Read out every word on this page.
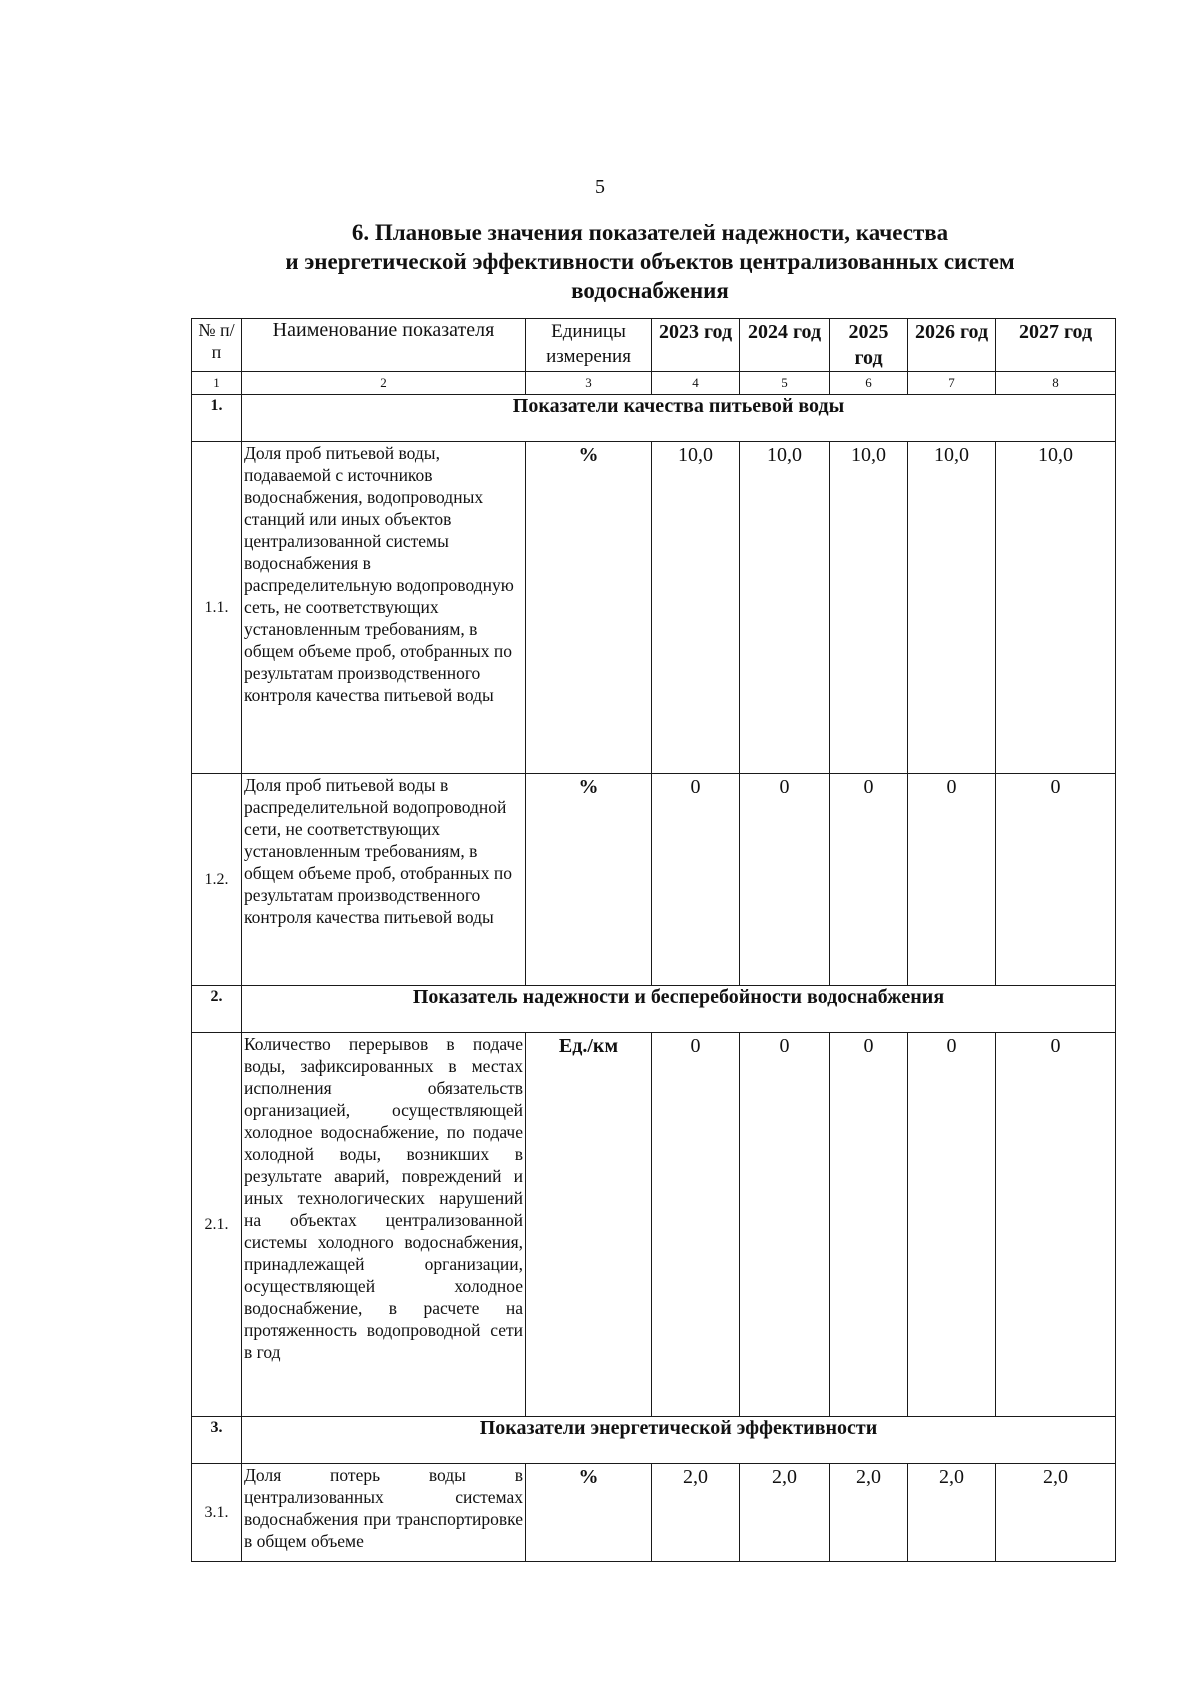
5
6. Плановые значения показателей надежности, качества
и энергетической эффективности объектов централизованных систем
водоснабжения
№ п/п	Наименование показателя	Единицы измерения	2023 год	2024 год	2025 год	2026 год	2027 год
1	2	3	4	5	6	7	8
1.	Показатели качества питьевой воды						
1.1.	Доля проб питьевой воды, подаваемой с источников водоснабжения, водопроводных станций или иных объектов централизованной системы водоснабжения в распределительную водопроводную сеть, не соответствующих установленным требованиям, в общем объеме проб, отобранных по результатам производственного контроля качества питьевой воды	%	10,0	10,0	10,0	10,0	10,0
1.2.	Доля проб питьевой воды в распределительной водопроводной сети, не соответствующих установленным требованиям, в общем объеме проб, отобранных по результатам производственного контроля качества питьевой воды	%	0	0	0	0	0
2.	Показатель надежности и бесперебойности водоснабжения						
2.1.	Количество перерывов в подаче воды, зафиксированных в местах исполнения обязательств организацией, осуществляющей холодное водоснабжение, по подаче холодной воды, возникших в результате аварий, повреждений и иных технологических нарушений на объектах централизованной системы холодного водоснабжения, принадлежащей организации, осуществляющей холодное водоснабжение, в расчете на протяженность водопроводной сети в год	Ед./км	0	0	0	0	0
3.	Показатели энергетической эффективности						
3.1.	Доля потерь воды в централизованных системах водоснабжения при транспортировке в общем объеме	%	2,0	2,0	2,0	2,0	2,0
